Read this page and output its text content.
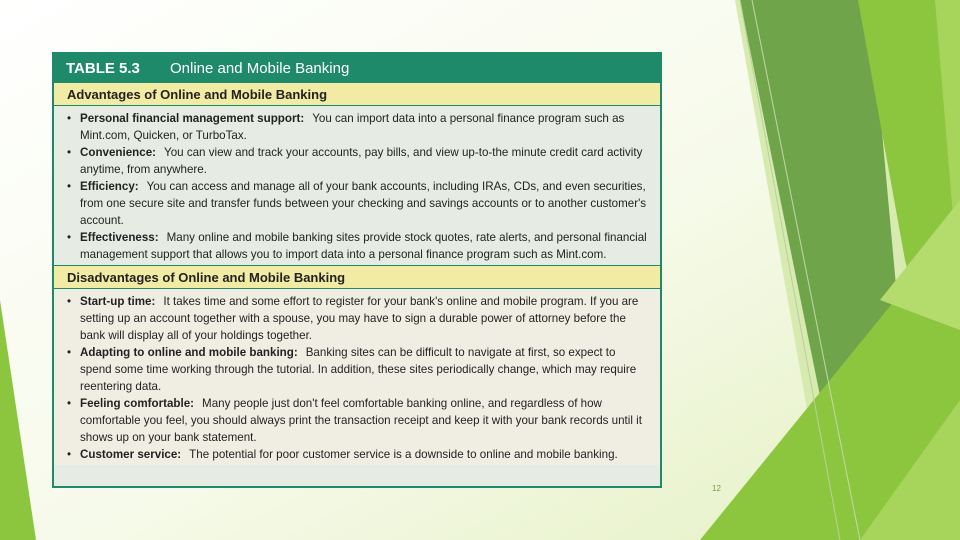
TABLE 5.3	Online and Mobile Banking
Advantages of Online and Mobile Banking
• Personal financial management support: You can import data into a personal finance program such as Mint.com, Quicken, or TurboTax.
• Convenience: You can view and track your accounts, pay bills, and view up-to-the minute credit card activity anytime, from anywhere.
• Efficiency: You can access and manage all of your bank accounts, including IRAs, CDs, and even securities, from one secure site and transfer funds between your checking and savings accounts or to another customer's account.
• Effectiveness: Many online and mobile banking sites provide stock quotes, rate alerts, and personal financial management support that allows you to import data into a personal finance program such as Mint.com.
Disadvantages of Online and Mobile Banking
• Start-up time: It takes time and some effort to register for your bank's online and mobile program. If you are setting up an account together with a spouse, you may have to sign a durable power of attorney before the bank will display all of your holdings together.
• Adapting to online and mobile banking: Banking sites can be difficult to navigate at first, so expect to spend some time working through the tutorial. In addition, these sites periodically change, which may require reentering data.
• Feeling comfortable: Many people just don't feel comfortable banking online, and regardless of how comfortable you feel, you should always print the transaction receipt and keep it with your bank records until it shows up on your bank statement.
• Customer service: The potential for poor customer service is a downside to online and mobile banking.
12
